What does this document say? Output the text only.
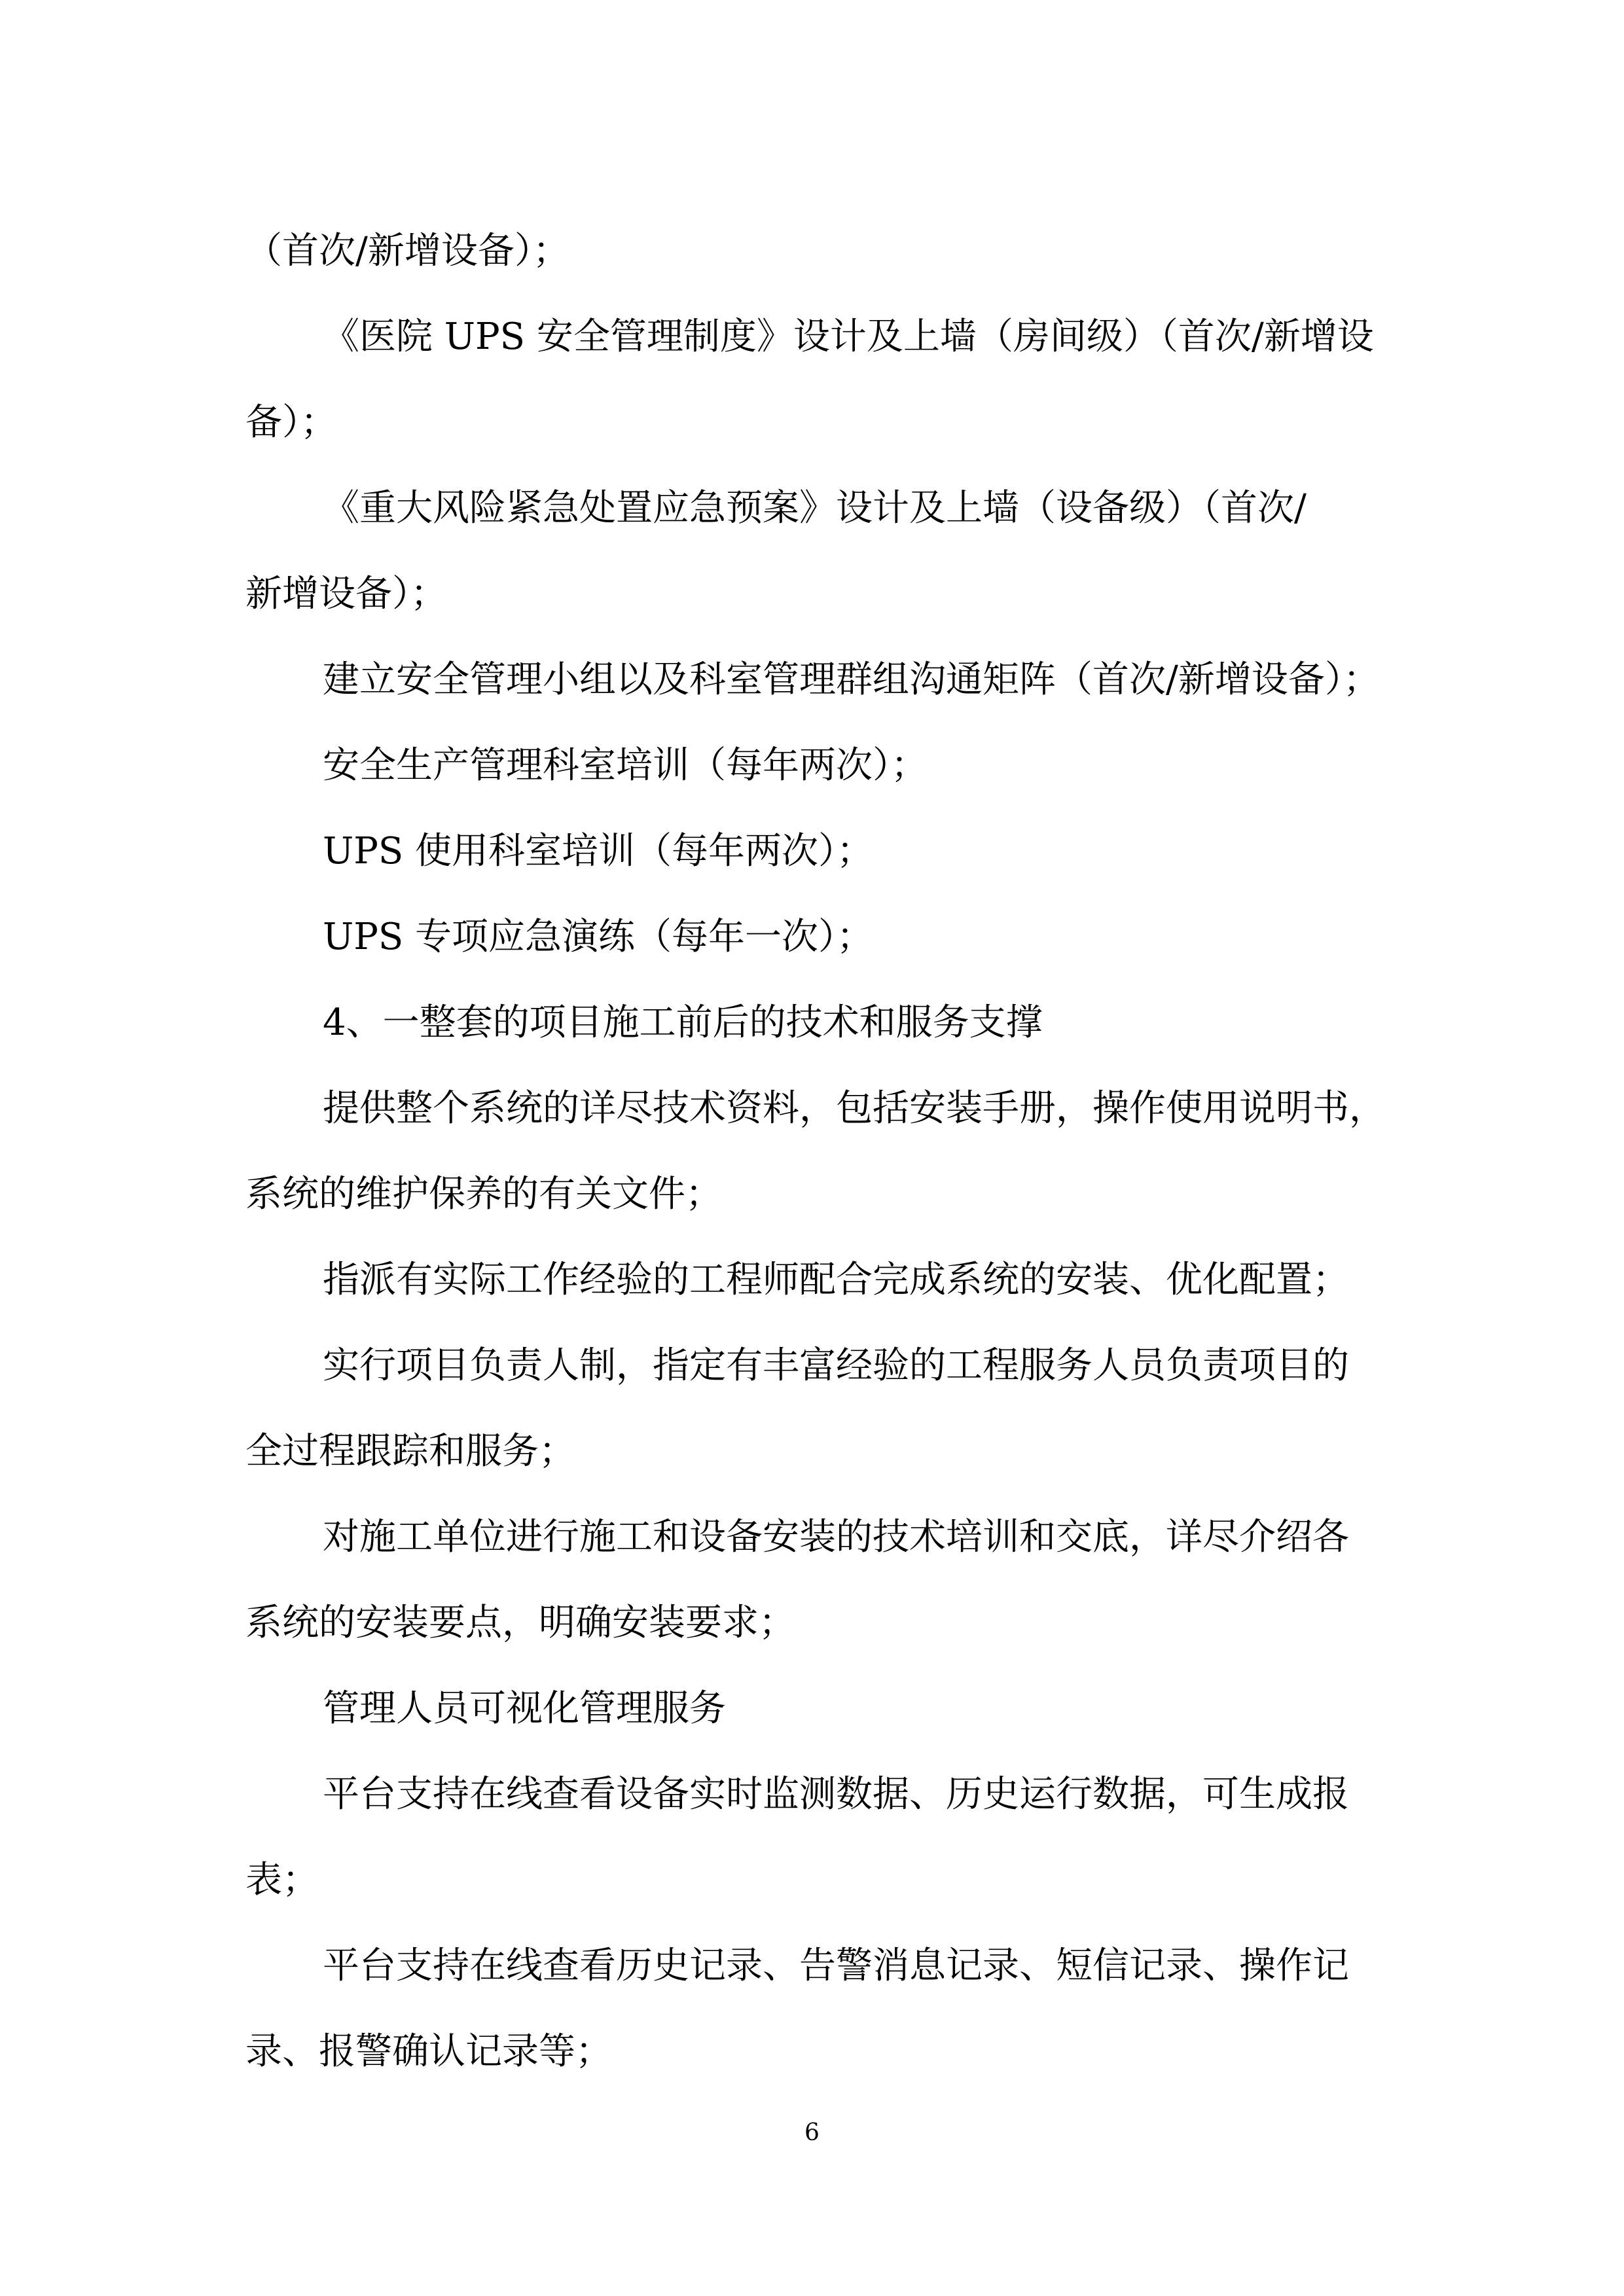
（首次/新增设备）；
《医院 UPS 安全管理制度》设计及上墙（房间级）（首次/新增设
备）；
《重大风险紧急处置应急预案》设计及上墙（设备级）（首次/
新增设备）；
建立安全管理小组以及科室管理群组沟通矩阵（首次/新增设备）；
安全生产管理科室培训（每年两次）；
UPS 使用科室培训（每年两次）；
UPS 专项应急演练（每年一次）；
4、一整套的项目施工前后的技术和服务支撑
提供整个系统的详尽技术资料，包括安装手册，操作使用说明书，
系统的维护保养的有关文件；
指派有实际工作经验的工程师配合完成系统的安装、优化配置；
实行项目负责人制，指定有丰富经验的工程服务人员负责项目的
全过程跟踪和服务；
对施工单位进行施工和设备安装的技术培训和交底，详尽介绍各
系统的安装要点，明确安装要求；
管理人员可视化管理服务
平台支持在线查看设备实时监测数据、历史运行数据，可生成报
表；
平台支持在线查看历史记录、告警消息记录、短信记录、操作记
录、报警确认记录等；
6
